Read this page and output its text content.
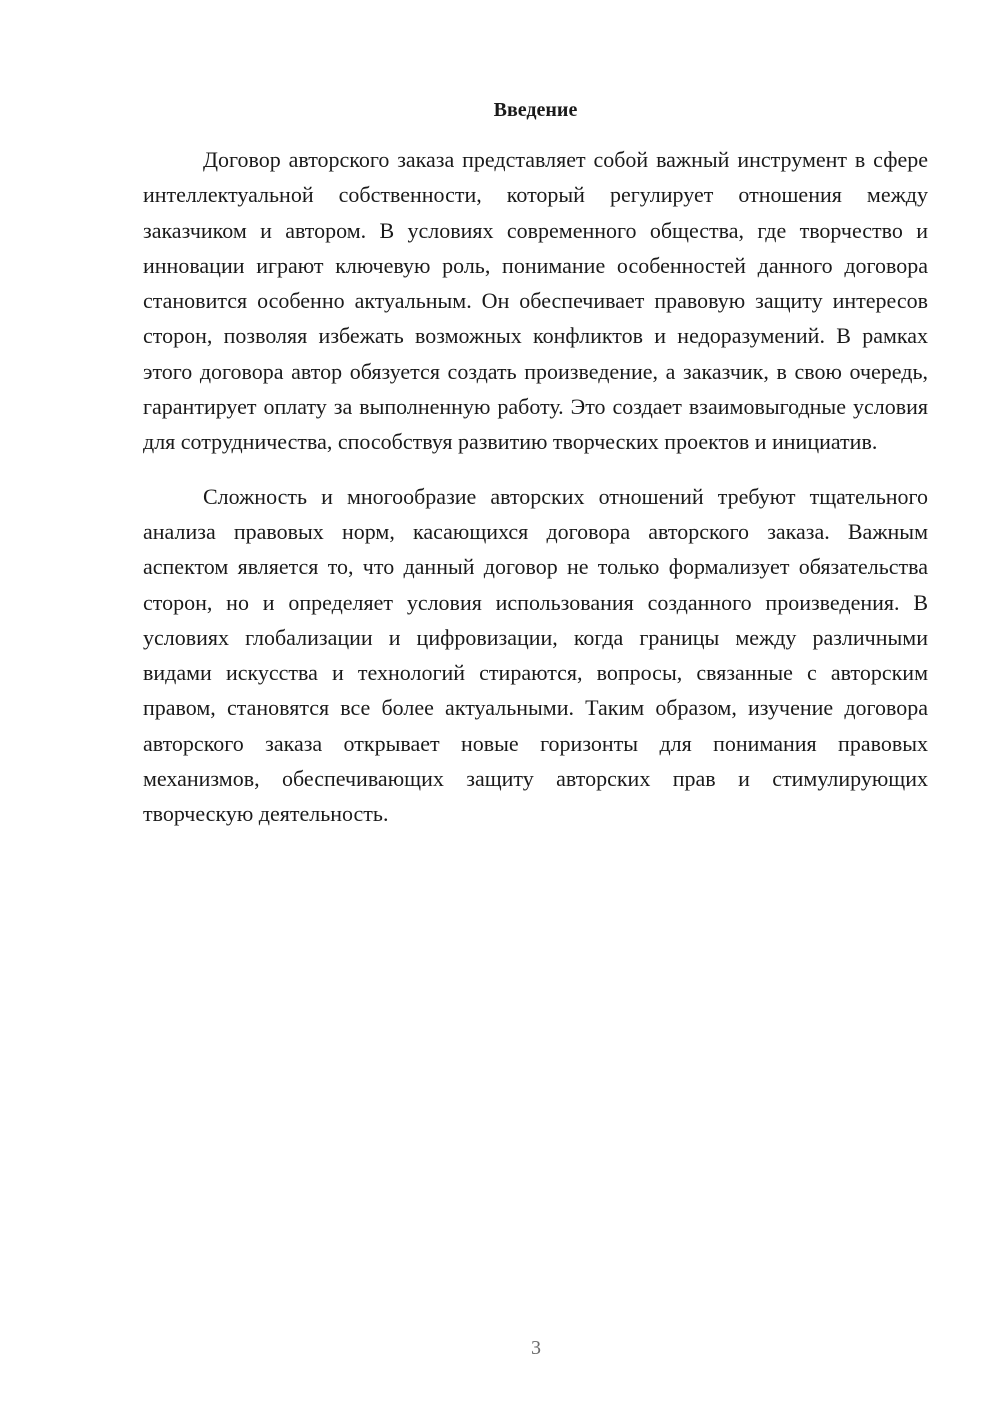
Введение

Договор авторского заказа представляет собой важный инструмент в сфере интеллектуальной собственности, который регулирует отношения между заказчиком и автором. В условиях современного общества, где творчество и инновации играют ключевую роль, понимание особенностей данного договора становится особенно актуальным. Он обеспечивает правовую защиту интересов сторон, позволяя избежать возможных конфликтов и недоразумений. В рамках этого договора автор обязуется создать произведение, а заказчик, в свою очередь, гарантирует оплату за выполненную работу. Это создает взаимовыгодные условия для сотрудничества, способствуя развитию творческих проектов и инициатив.

Сложность и многообразие авторских отношений требуют тщательного анализа правовых норм, касающихся договора авторского заказа. Важным аспектом является то, что данный договор не только формализует обязательства сторон, но и определяет условия использования созданного произведения. В условиях глобализации и цифровизации, когда границы между различными видами искусства и технологий стираются, вопросы, связанные с авторским правом, становятся все более актуальными. Таким образом, изучение договора авторского заказа открывает новые горизонты для понимания правовых механизмов, обеспечивающих защиту авторских прав и стимулирующих творческую деятельность.

3
